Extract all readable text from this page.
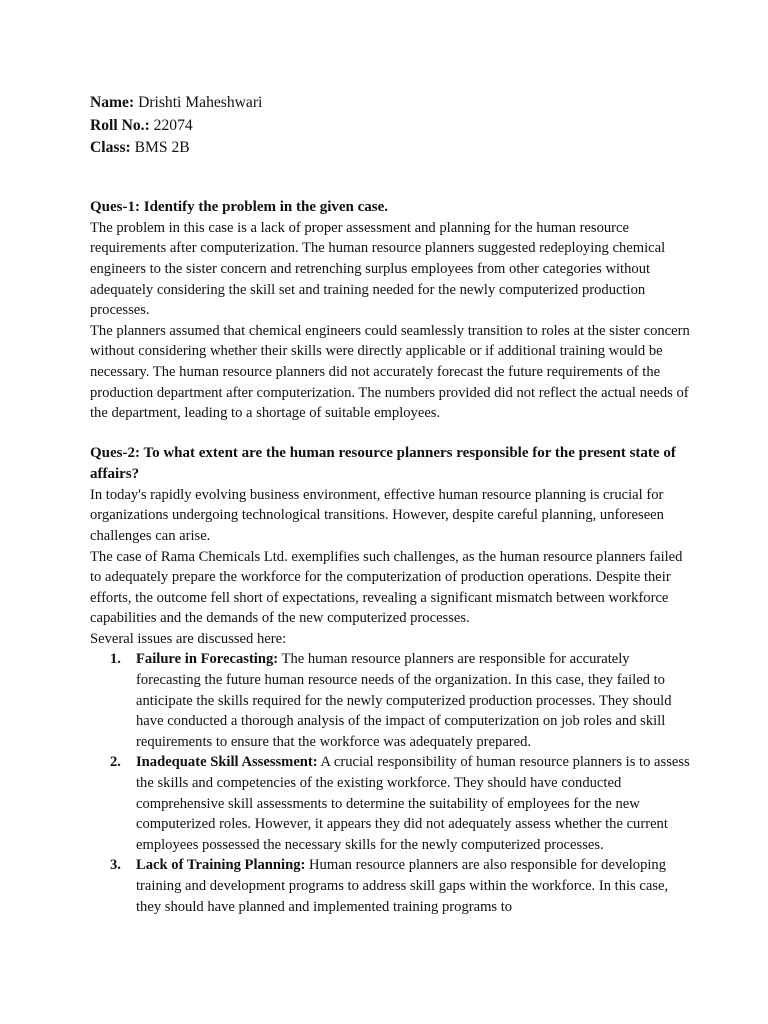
Name: Drishti Maheshwari
Roll No.: 22074
Class: BMS 2B
Ques-1: Identify the problem in the given case.

The problem in this case is a lack of proper assessment and planning for the human resource requirements after computerization. The human resource planners suggested redeploying chemical engineers to the sister concern and retrenching surplus employees from other categories without adequately considering the skill set and training needed for the newly computerized production processes.

The planners assumed that chemical engineers could seamlessly transition to roles at the sister concern without considering whether their skills were directly applicable or if additional training would be necessary. The human resource planners did not accurately forecast the future requirements of the production department after computerization. The numbers provided did not reflect the actual needs of the department, leading to a shortage of suitable employees.

Ques-2: To what extent are the human resource planners responsible for the present state of affairs?

In today's rapidly evolving business environment, effective human resource planning is crucial for organizations undergoing technological transitions. However, despite careful planning, unforeseen challenges can arise.

The case of Rama Chemicals Ltd. exemplifies such challenges, as the human resource planners failed to adequately prepare the workforce for the computerization of production operations. Despite their efforts, the outcome fell short of expectations, revealing a significant mismatch between workforce capabilities and the demands of the new computerized processes.

Several issues are discussed here:

1. Failure in Forecasting: The human resource planners are responsible for accurately forecasting the future human resource needs of the organization. In this case, they failed to anticipate the skills required for the newly computerized production processes. They should have conducted a thorough analysis of the impact of computerization on job roles and skill requirements to ensure that the workforce was adequately prepared.
2. Inadequate Skill Assessment: A crucial responsibility of human resource planners is to assess the skills and competencies of the existing workforce. They should have conducted comprehensive skill assessments to determine the suitability of employees for the new computerized roles. However, it appears they did not adequately assess whether the current employees possessed the necessary skills for the newly computerized processes.
3. Lack of Training Planning: Human resource planners are also responsible for developing training and development programs to address skill gaps within the workforce. In this case, they should have planned and implemented training programs to
